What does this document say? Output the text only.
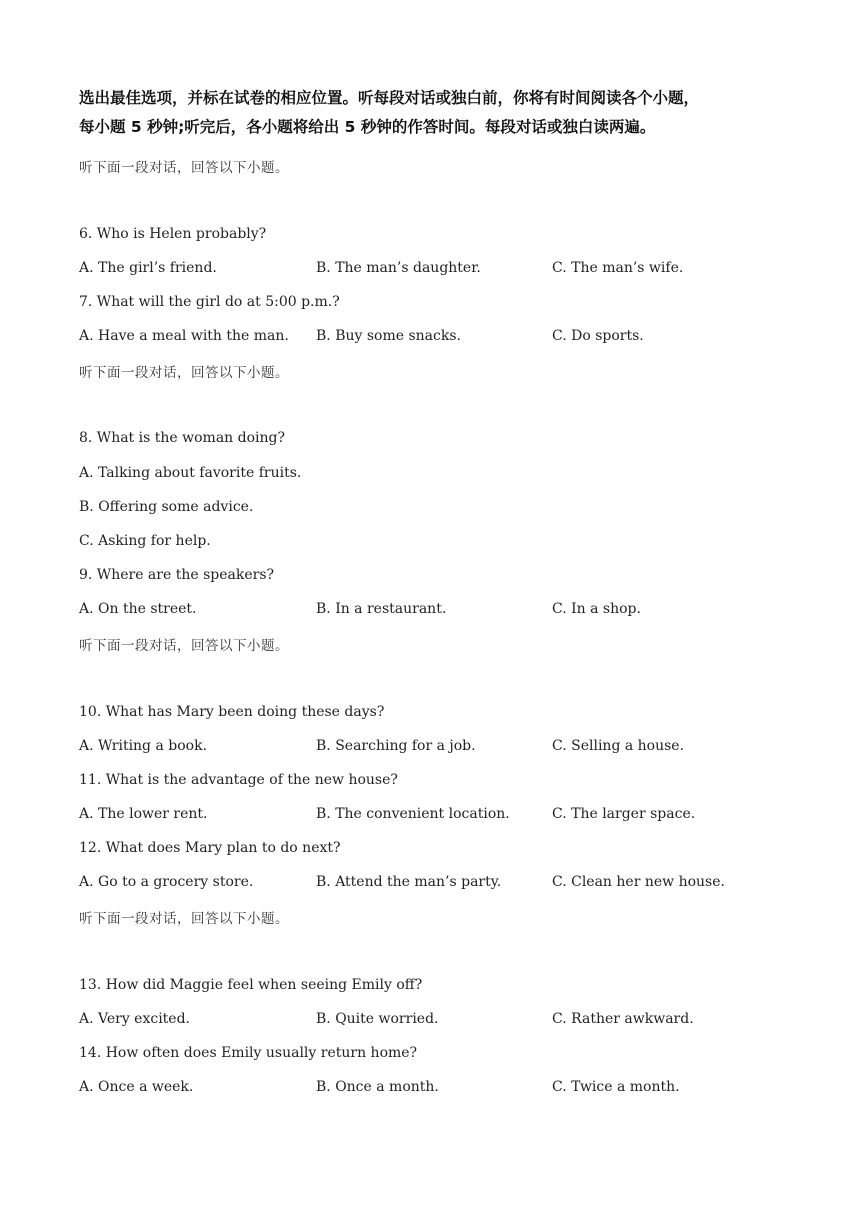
选出最佳选项，并标在试卷的相应位置。听每段对话或独白前，你将有时间阅读各个小题，

每小题 5 秒钟;听完后，各小题将给出 5 秒钟的作答时间。每段对话或独白读两遍。

听下面一段对话，回答以下小题。
6. Who is Helen probably?
A. The girl’s friend.	B. The man’s daughter.	C. The man’s wife.
7. What will the girl do at 5:00 p.m.?
A. Have a meal with the man. B. Buy some snacks.	C. Do sports.
听下面一段对话，回答以下小题。
8. What is the woman doing?
A. Talking about favorite fruits.
B. Offering some advice.
C. Asking for help.
9. Where are the speakers?
A. On the street.	B. In a restaurant.	C. In a shop.
听下面一段对话，回答以下小题。
10. What has Mary been doing these days?
A. Writing a book.	B. Searching for a job.	C. Selling a house.
11. What is the advantage of the new house?
A. The lower rent.	B. The convenient location.	C. The larger space.
12. What does Mary plan to do next?
A. Go to a grocery store.	B. Attend the man’s party.	C. Clean her new house.
听下面一段对话，回答以下小题。
13. How did Maggie feel when seeing Emily off?
A. Very excited.	B. Quite worried.	C. Rather awkward.
14. How often does Emily usually return home?
A. Once a week.	B. Once a month.	C. Twice a month.
